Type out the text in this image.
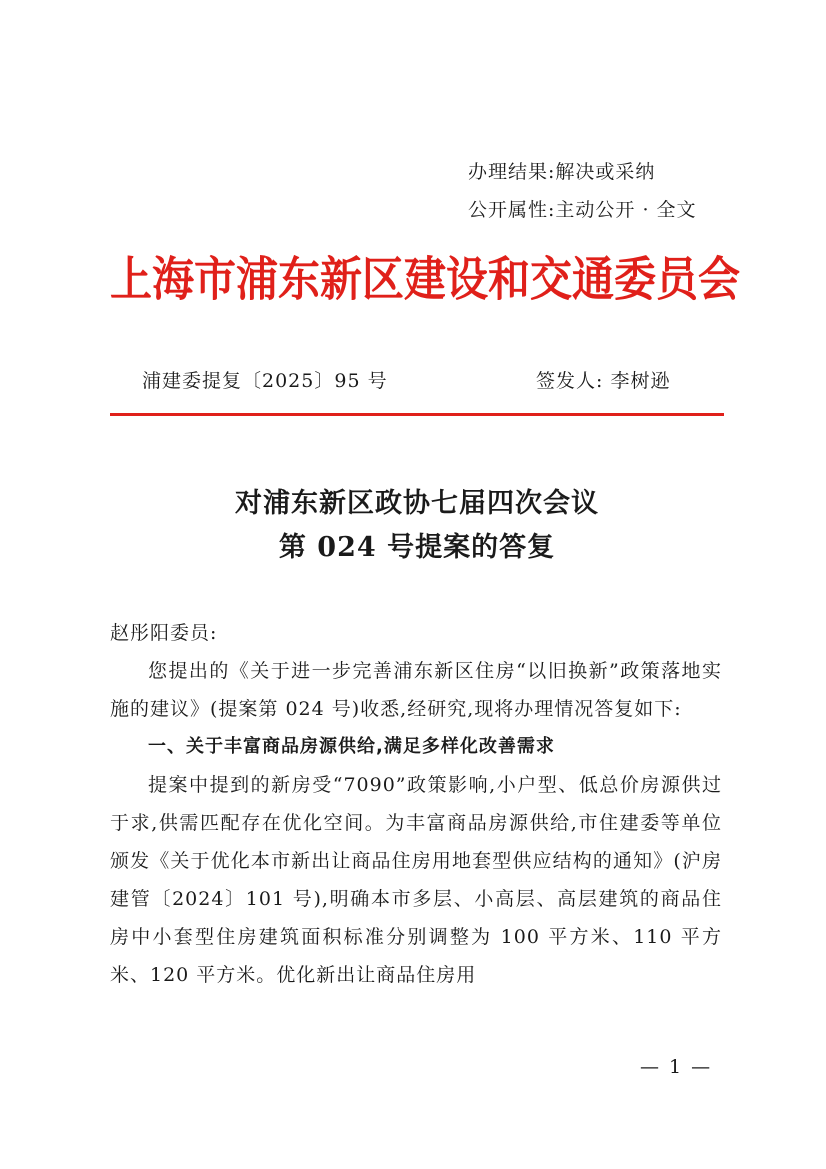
办理结果:解决或采纳
公开属性:主动公开 · 全文
上海市浦东新区建设和交通委员会
浦建委提复〔2025〕95 号	签发人: 李树逊
对浦东新区政协七届四次会议
第 024 号提案的答复

赵彤阳委员:

您提出的《关于进一步完善浦东新区住房“以旧换新”政策落地实施的建议》(提案第 024 号)收悉,经研究,现将办理情况答复如下:

一、关于丰富商品房源供给,满足多样化改善需求

提案中提到的新房受“7090”政策影响,小户型、低总价房源供过于求,供需匹配存在优化空间。为丰富商品房源供给,市住建委等单位颁发《关于优化本市新出让商品住房用地套型供应结构的通知》(沪房建管〔2024〕101 号),明确本市多层、小高层、高层建筑的商品住房中小套型住房建筑面积标准分别调整为 100 平方米、110 平方米、120 平方米。优化新出让商品住房用

— 1 —
